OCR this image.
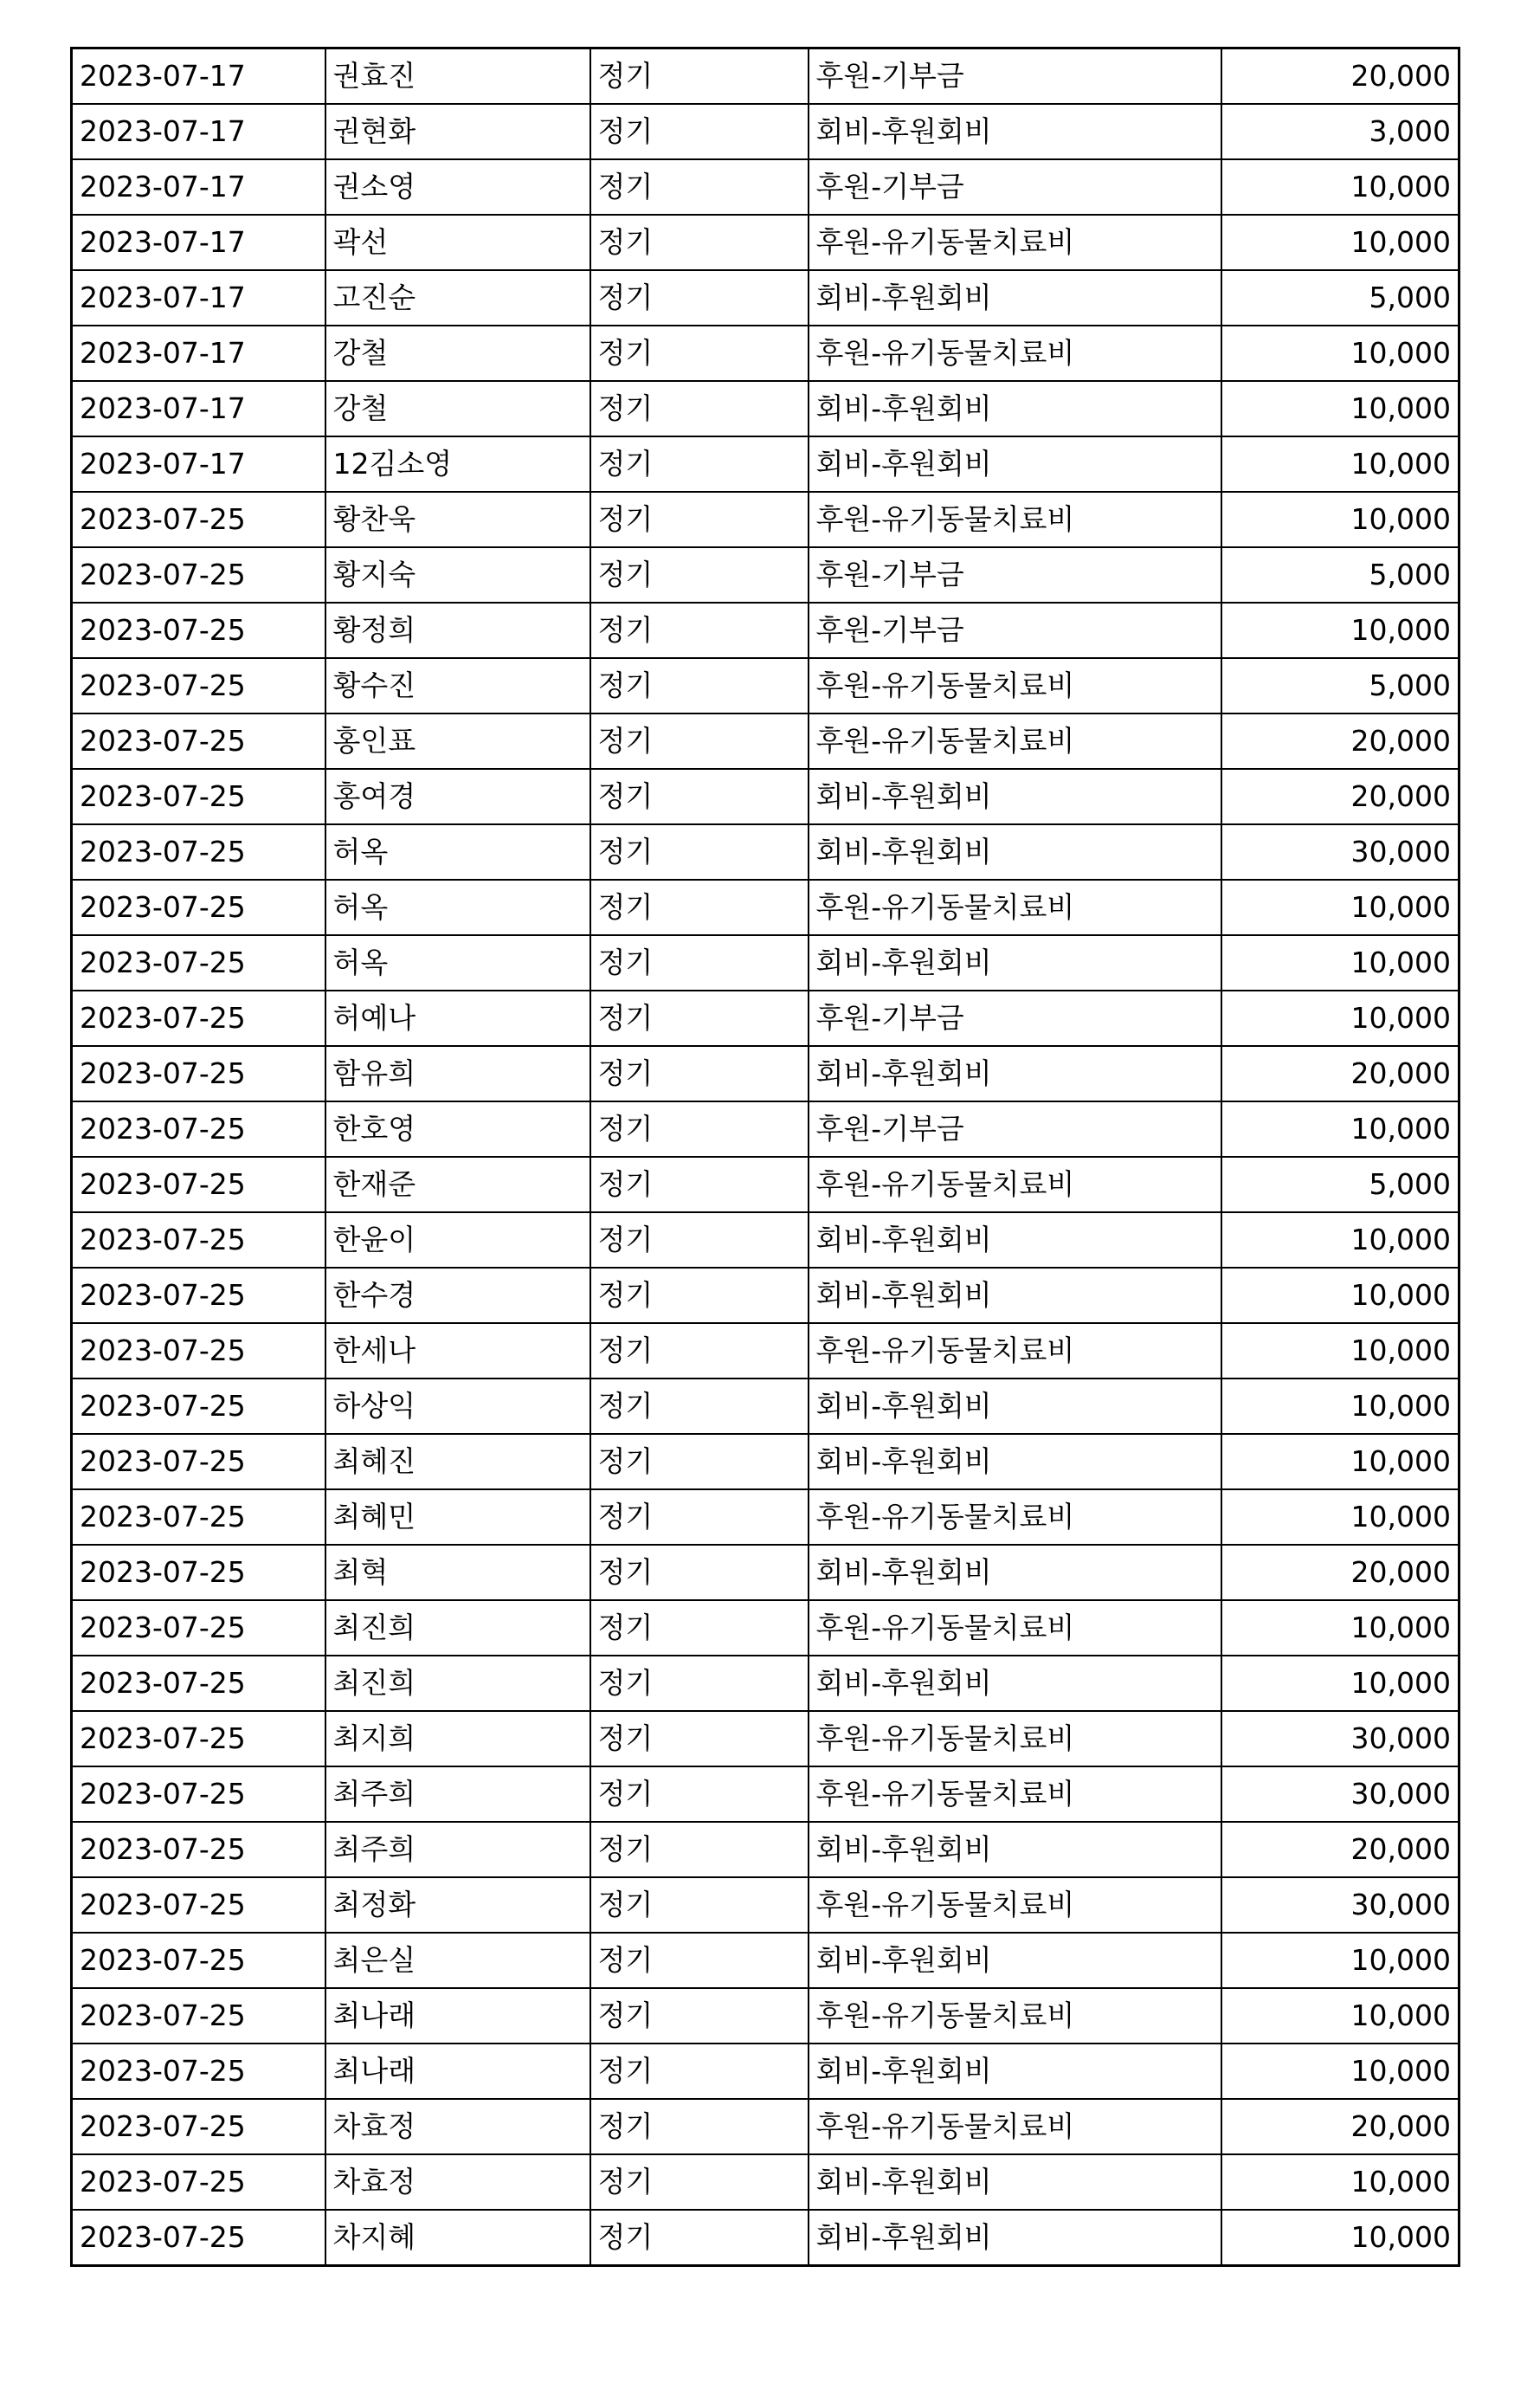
2023-07-17	권효진	정기	후원-기부금	20,000
2023-07-17	권현화	정기	회비-후원회비	3,000
2023-07-17	권소영	정기	후원-기부금	10,000
2023-07-17	곽선	정기	후원-유기동물치료비	10,000
2023-07-17	고진순	정기	회비-후원회비	5,000
2023-07-17	강철	정기	후원-유기동물치료비	10,000
2023-07-17	강철	정기	회비-후원회비	10,000
2023-07-17	12김소영	정기	회비-후원회비	10,000
2023-07-25	황찬욱	정기	후원-유기동물치료비	10,000
2023-07-25	황지숙	정기	후원-기부금	5,000
2023-07-25	황정희	정기	후원-기부금	10,000
2023-07-25	황수진	정기	후원-유기동물치료비	5,000
2023-07-25	홍인표	정기	후원-유기동물치료비	20,000
2023-07-25	홍여경	정기	회비-후원회비	20,000
2023-07-25	허옥	정기	회비-후원회비	30,000
2023-07-25	허옥	정기	후원-유기동물치료비	10,000
2023-07-25	허옥	정기	회비-후원회비	10,000
2023-07-25	허예나	정기	후원-기부금	10,000
2023-07-25	함유희	정기	회비-후원회비	20,000
2023-07-25	한호영	정기	후원-기부금	10,000
2023-07-25	한재준	정기	후원-유기동물치료비	5,000
2023-07-25	한윤이	정기	회비-후원회비	10,000
2023-07-25	한수경	정기	회비-후원회비	10,000
2023-07-25	한세나	정기	후원-유기동물치료비	10,000
2023-07-25	하상익	정기	회비-후원회비	10,000
2023-07-25	최혜진	정기	회비-후원회비	10,000
2023-07-25	최혜민	정기	후원-유기동물치료비	10,000
2023-07-25	최혁	정기	회비-후원회비	20,000
2023-07-25	최진희	정기	후원-유기동물치료비	10,000
2023-07-25	최진희	정기	회비-후원회비	10,000
2023-07-25	최지희	정기	후원-유기동물치료비	30,000
2023-07-25	최주희	정기	후원-유기동물치료비	30,000
2023-07-25	최주희	정기	회비-후원회비	20,000
2023-07-25	최정화	정기	후원-유기동물치료비	30,000
2023-07-25	최은실	정기	회비-후원회비	10,000
2023-07-25	최나래	정기	후원-유기동물치료비	10,000
2023-07-25	최나래	정기	회비-후원회비	10,000
2023-07-25	차효정	정기	후원-유기동물치료비	20,000
2023-07-25	차효정	정기	회비-후원회비	10,000
2023-07-25	차지혜	정기	회비-후원회비	10,000
